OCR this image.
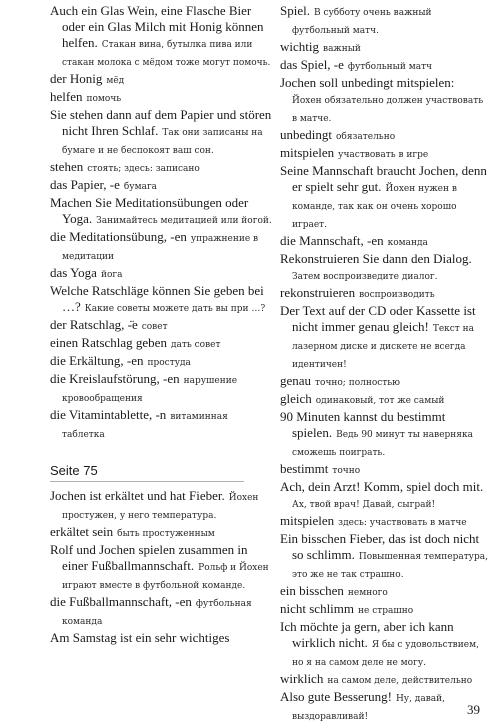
Auch ein Glas Wein, eine Flasche Bier oder ein Glas Milch mit Honig können helfen. Стакан вина, бутылка пива или стакан молока с мёдом тоже могут помочь.

der Honig мёд

helfen помочь

Sie stehen dann auf dem Papier und stören nicht Ihren Schlaf. Так они записаны на бумаге и не беспокоят ваш сон.

stehen стоять; здесь: записано

das Papier, -e бумага

Machen Sie Meditationsübungen oder Yoga. Занимайтесь медитацией или йогой.

die Meditationsübung, -en упражнение в медитации

das Yoga йога

Welche Ratschläge können Sie geben bei …? Какие советы можете дать вы при …?

der Ratschlag, -̈e совет

einen Ratschlag geben дать совет

die Erkältung, -en простуда

die Kreislaufstörung, -en нарушение кровообращения

die Vitamintablette, -n витаминная таблетка

Seite 75

Jochen ist erkältet und hat Fieber. Йохен простужен, у него температура.

erkältet sein быть простуженным

Rolf und Jochen spielen zusammen in einer Fußballmannschaft. Рольф и Йохен играют вместе в футбольной команде.

die Fußballmannschaft, -en футбольная команда

Am Samstag ist ein sehr wichtiges

Spiel. В субботу очень важный футбольный матч.

wichtig важный

das Spiel, -e футбольный матч

Jochen soll unbedingt mitspielen: Йохен обязательно должен участвовать в матче.

unbedingt обязательно

mitspielen участвовать в игре

Seine Mannschaft braucht Jochen, denn er spielt sehr gut. Йохен нужен в команде, так как он очень хорошо играет.

die Mannschaft, -en команда

Rekonstruieren Sie dann den Dialog. Затем воспроизведите диалог.

rekonstruieren воспроизводить

Der Text auf der CD oder Kassette ist nicht immer genau gleich! Текст на лазерном диске и дискете не всегда идентичен!

genau точно; полностью

gleich одинаковый, тот же самый

90 Minuten kannst du bestimmt spielen. Ведь 90 минут ты наверняка сможешь поиграть.

bestimmt точно

Ach, dein Arzt! Komm, spiel doch mit. Ах, твой врач! Давай, сыграй!

mitspielen здесь: участвовать в матче

Ein bisschen Fieber, das ist doch nicht so schlimm. Повышенная температура, это же не так страшно.

ein bisschen немного

nicht schlimm не страшно

Ich möchte ja gern, aber ich kann wirklich nicht. Я бы с удовольствием, но я на самом деле не могу.

wirklich на самом деле, действительно

Also gute Besserung! Ну, давай, выздоравливай!	39
